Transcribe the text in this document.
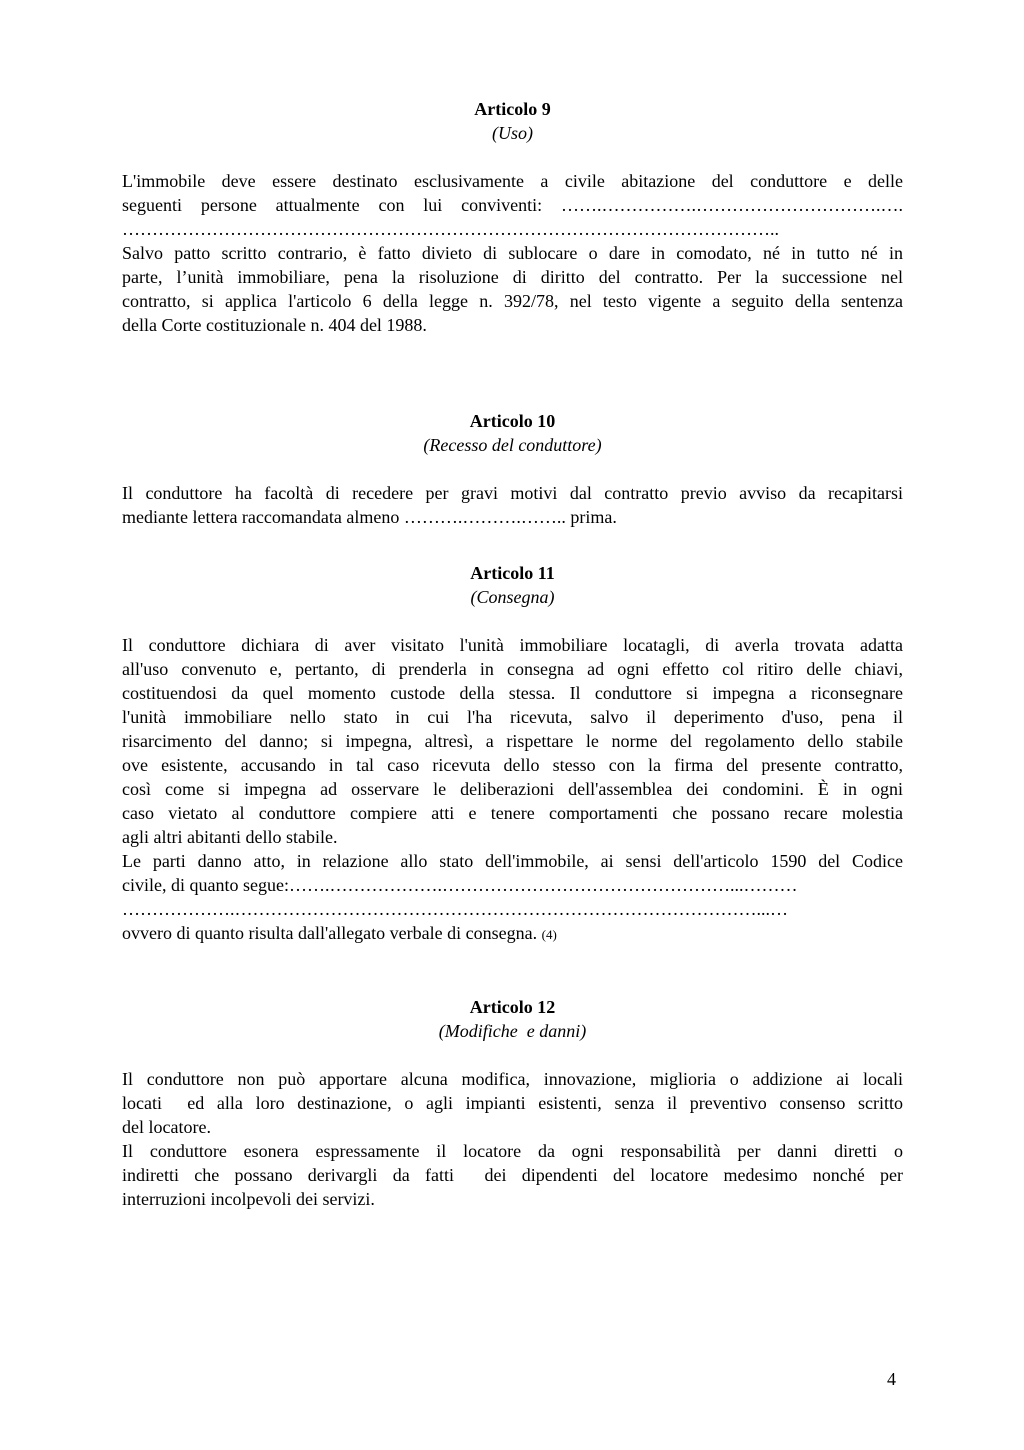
Articolo 9
(Uso)
L'immobile deve essere destinato esclusivamente a civile abitazione del conduttore e delle
seguenti persone attualmente con lui conviventi: …….…………….………………………….….
………………………………………………………………………………………………..
Salvo patto scritto contrario, è fatto divieto di sublocare o dare in comodato, né in tutto né in
parte, l’unità immobiliare, pena la risoluzione di diritto del contratto. Per la successione nel
contratto, si applica l'articolo 6 della legge n. 392/78, nel testo vigente a seguito della sentenza
della Corte costituzionale n. 404 del 1988.
Articolo 10
(Recesso del conduttore)
Il conduttore ha facoltà di recedere per gravi motivi dal contratto previo avviso da recapitarsi
mediante lettera raccomandata almeno ……….……….…….. prima.
Articolo 11
(Consegna)
Il conduttore dichiara di aver visitato l'unità immobiliare locatagli, di averla trovata adatta
all'uso convenuto e, pertanto, di prenderla in consegna ad ogni effetto col ritiro delle chiavi,
costituendosi da quel momento custode della stessa. Il conduttore si impegna a riconsegnare
l'unità immobiliare nello stato in cui l'ha ricevuta, salvo il deperimento d'uso, pena il
risarcimento del danno; si impegna, altresì, a rispettare le norme del regolamento dello stabile
ove esistente, accusando in tal caso ricevuta dello stesso con la firma del presente contratto,
così come si impegna ad osservare le deliberazioni dell'assemblea dei condomini. È in ogni
caso vietato al conduttore compiere atti e tenere comportamenti che possano recare molestia
agli altri abitanti dello stabile.
Le parti danno atto, in relazione allo stato dell'immobile, ai sensi dell'articolo 1590 del Codice
civile, di quanto segue:…….……………….…………………………………………...………
……………….……………………………………………………………………………...…
ovvero di quanto risulta dall'allegato verbale di consegna. (4)
Articolo 12
(Modifiche  e danni)
Il conduttore non può apportare alcuna modifica, innovazione, miglioria o addizione ai locali
locati  ed alla loro destinazione, o agli impianti esistenti, senza il preventivo consenso scritto
del locatore.
Il conduttore esonera espressamente il locatore da ogni responsabilità per danni diretti o
indiretti che possano derivargli da fatti  dei dipendenti del locatore medesimo nonché per
interruzioni incolpevoli dei servizi.
4
